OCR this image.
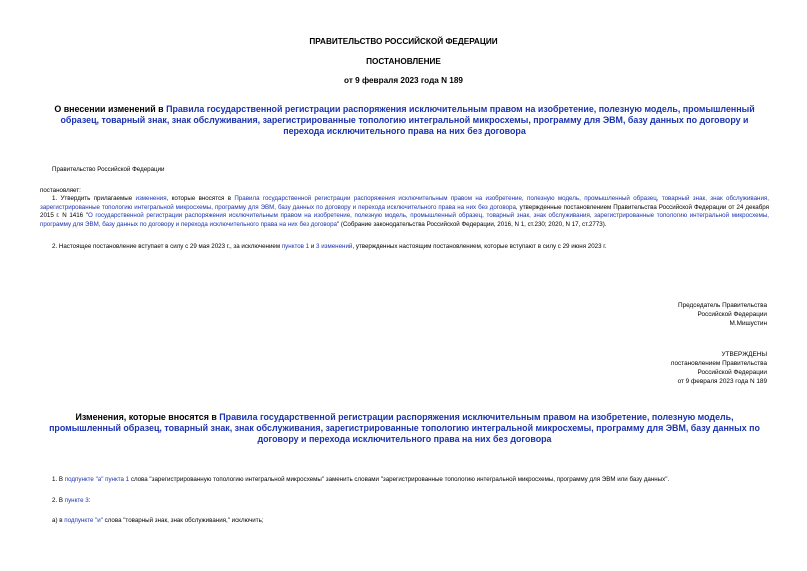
ПРАВИТЕЛЬСТВО РОССИЙСКОЙ ФЕДЕРАЦИИ
ПОСТАНОВЛЕНИЕ
от 9 февраля 2023 года N 189
О внесении изменений в Правила государственной регистрации распоряжения исключительным правом на изобретение, полезную модель, промышленный образец, товарный знак, знак обслуживания, зарегистрированные топологию интегральной микросхемы, программу для ЭВМ, базу данных по договору и перехода исключительного права на них без договора

Правительство Российской Федерации

постановляет:

1. Утвердить прилагаемые изменения, которые вносятся в Правила государственной регистрации распоряжения исключительным правом на изобретение, полезную модель, промышленный образец, товарный знак, знак обслуживания, зарегистрированные топологию интегральной микросхемы, программу для ЭВМ, базу данных по договору и перехода исключительного права на них без договора, утвержденные постановлением Правительства Российской Федерации от 24 декабря 2015 г. N 1416 "О государственной регистрации распоряжения исключительным правом на изобретение, полезную модель, промышленный образец, товарный знак, знак обслуживания, зарегистрированные топологию интегральной микросхемы, программу для ЭВМ, базу данных по договору и перехода исключительного права на них без договора" (Собрание законодательства Российской Федерации, 2016, N 1, ст.230; 2020, N 17, ст.2773).

2. Настоящее постановление вступает в силу с 29 мая 2023 г., за исключением пунктов 1 и 3 изменений, утвержденных настоящим постановлением, которые вступают в силу с 29 июня 2023 г.

Председатель Правительства
Российской Федерации
М.Мишустин
УТВЕРЖДЕНЫ
постановлением Правительства
Российской Федерации
от 9 февраля 2023 года N 189
Изменения, которые вносятся в Правила государственной регистрации распоряжения исключительным правом на изобретение, полезную модель, промышленный образец, товарный знак, знак обслуживания, зарегистрированные топологию интегральной микросхемы, программу для ЭВМ, базу данных по договору и перехода исключительного права на них без договора

1. В подпункте "а" пункта 1 слова "зарегистрированную топологию интегральной микросхемы" заменить словами "зарегистрированные топологию интегральной микросхемы, программу для ЭВМ или базу данных".

2. В пункте 3:

а) в подпункте "и" слова "товарный знак, знак обслуживания," исключить;
